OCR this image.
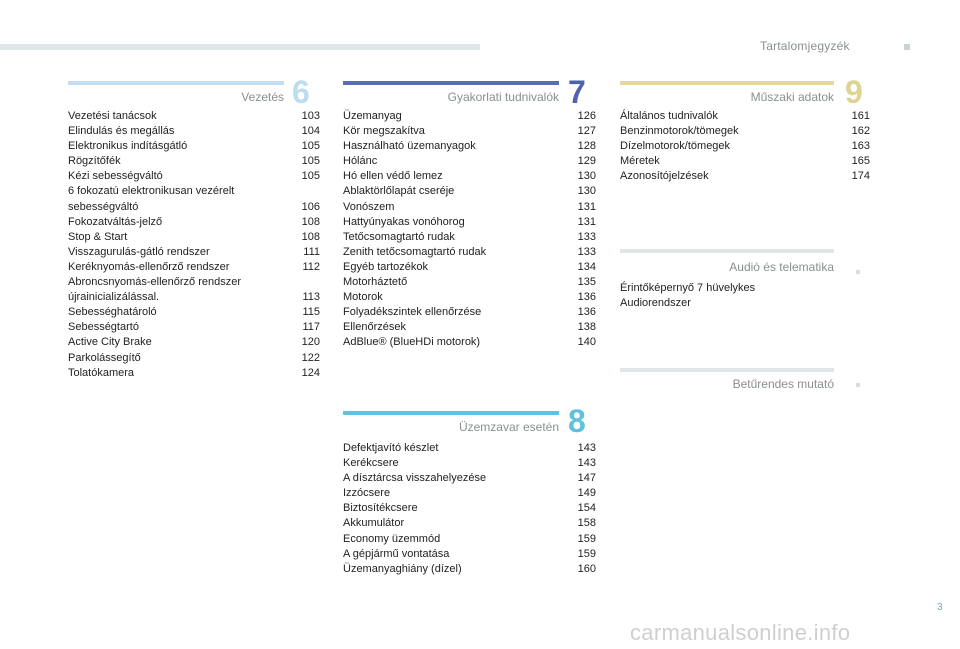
Tartalomjegyzék
Vezetés 6
Vezetési tanácsok	103
Elindulás és megállás	104
Elektronikus indításgátló	105
Rögzítőfék	105
Kézi sebességváltó	105
6 fokozatú elektronikusan vezérelt sebességváltó	106
Fokozatváltás-jelző	108
Stop & Start	108
Visszagurulás-gátló rendszer	111
Keréknyomás-ellenőrző rendszer	112
Abroncsnyomás-ellenőrző rendszer újrainicializálással.	113
Sebességhatároló	115
Sebességtartó	117
Active City Brake	120
Parkolássegítő	122
Tolatókamera	124
Gyakorlati tudnivalók 7
Üzemanyag	126
Kör megszakítva	127
Használható üzemanyagok	128
Hólánc	129
Hó ellen védő lemez	130
Ablaktörlőlapát cseréje	130
Vonószem	131
Hattyúnyakas vonóhorog	131
Tetőcsomagtartó rudak	133
Zenith tetőcsomagtartó rudak	133
Egyéb tartozékok	134
Motorháztető	135
Motorok	136
Folyadékszintek ellenőrzése	136
Ellenőrzések	138
AdBlue® (BlueHDi motorok)	140
Üzemzavar esetén 8
Defektjavító készlet	143
Kerékcsere	143
A dísztárcsa visszahelyezése	147
Izzócsere	149
Biztosítékcsere	154
Akkumulátor	158
Economy üzemmód	159
A gépjármű vontatása	159
Üzemanyaghiány (dízel)	160
Műszaki adatok 9
Általános tudnivalók	161
Benzinmotorok/tömegek	162
Dízelmotorok/tömegek	163
Méretek	165
Azonosítójelzések	174
Audió és telematika
Érintőképernyő 7 hüvelykes
Audiorendszer
Betűrendes mutató
3
carmanualsonline.info
